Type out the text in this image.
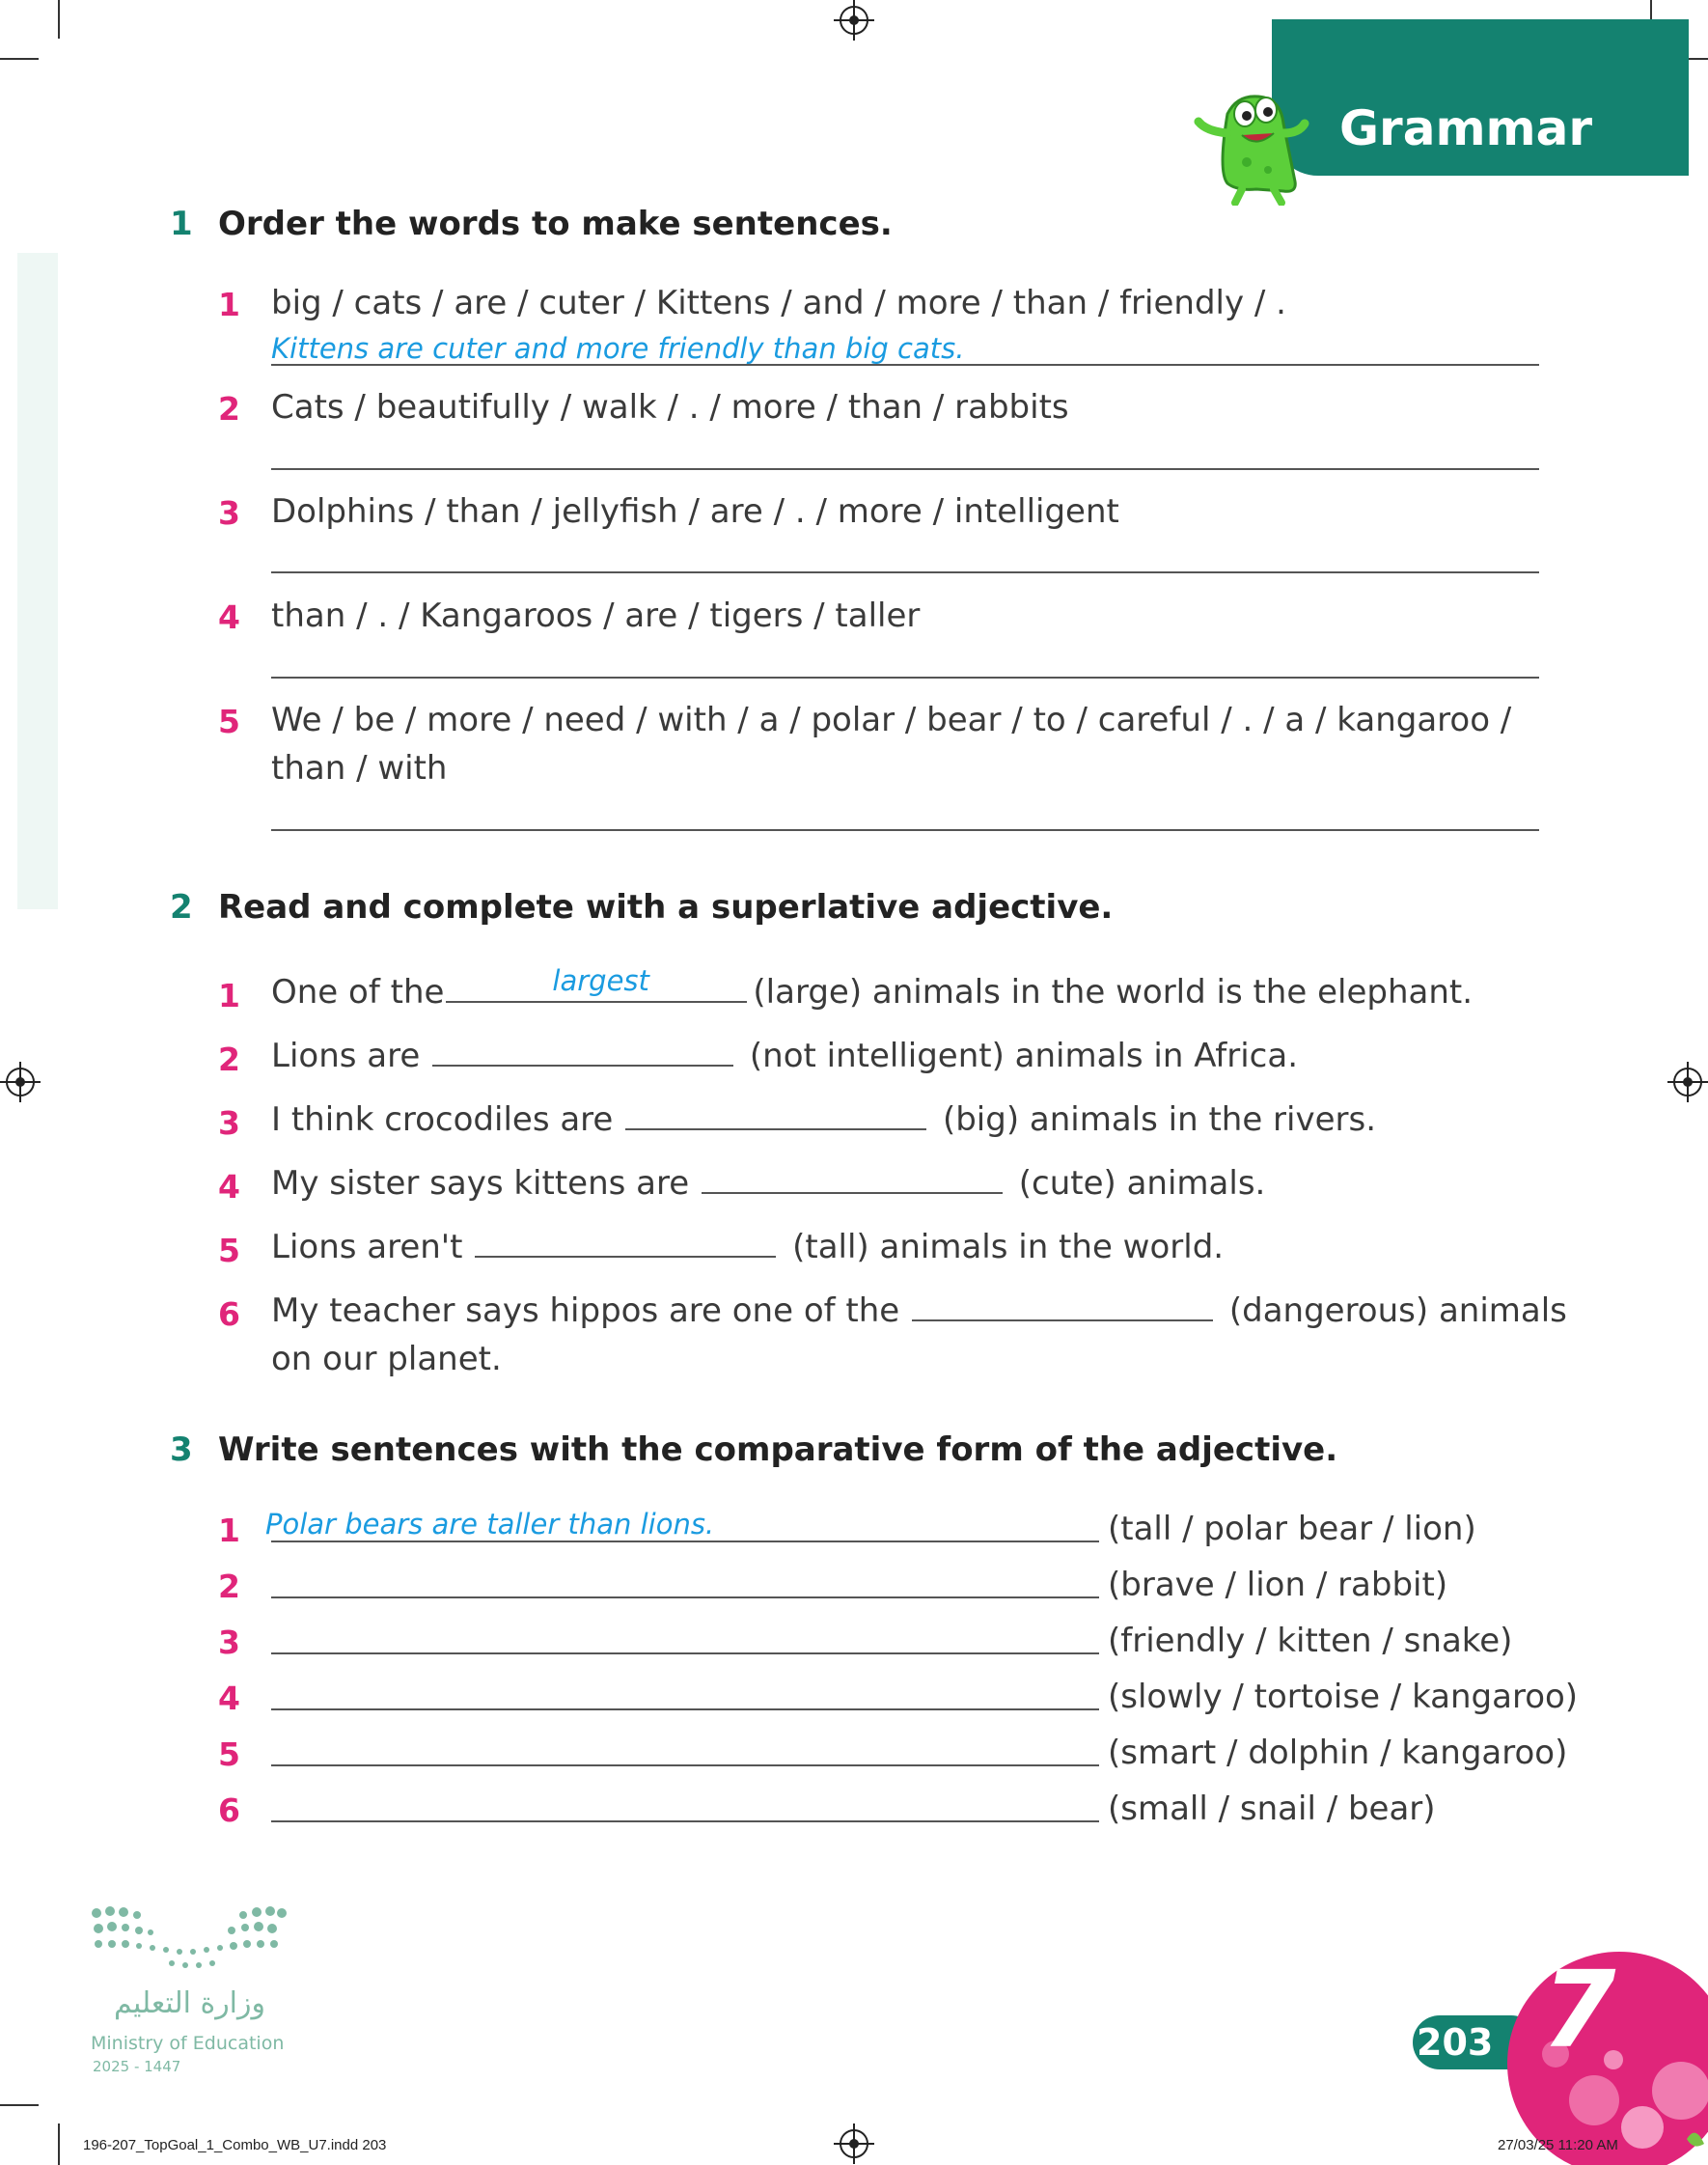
Grammar
1 Order the words to make sentences.
1 big / cats / are / cuter / Kittens / and / more / than / friendly / .
Kittens are cuter and more friendly than big cats.
2 Cats / beautifully / walk / . / more / than / rabbits
3 Dolphins / than / jellyfish / are / . / more / intelligent
4 than / . / Kangaroos / are / tigers / taller
5 We / be / more / need / with / a / polar / bear / to / careful / . / a / kangaroo /
than / with
2 Read and complete with a superlative adjective.
1 One of the	largest	(large) animals in the world is the elephant.
2 Lions are	(not intelligent) animals in Africa.
3 I think crocodiles are	(big) animals in the rivers.
4 My sister says kittens are	(cute) animals.
5 Lions aren't	(tall) animals in the world.
6 My teacher says hippos are one of the	(dangerous) animals
on our planet.
3 Write sentences with the comparative form of the adjective.
1 Polar bears are taller than lions.	(tall / polar bear / lion)
2	(brave / lion / rabbit)
3	(friendly / kitten / snake)
4	(slowly / tortoise / kangaroo)
5	(smart / dolphin / kangaroo)
6	(small / snail / bear)
وزارة التعليم
Ministry of Education
2025 - 1447
203 7
196-207_TopGoal_1_Combo_WB_U7.indd 203	27/03/25 11:20 AM
